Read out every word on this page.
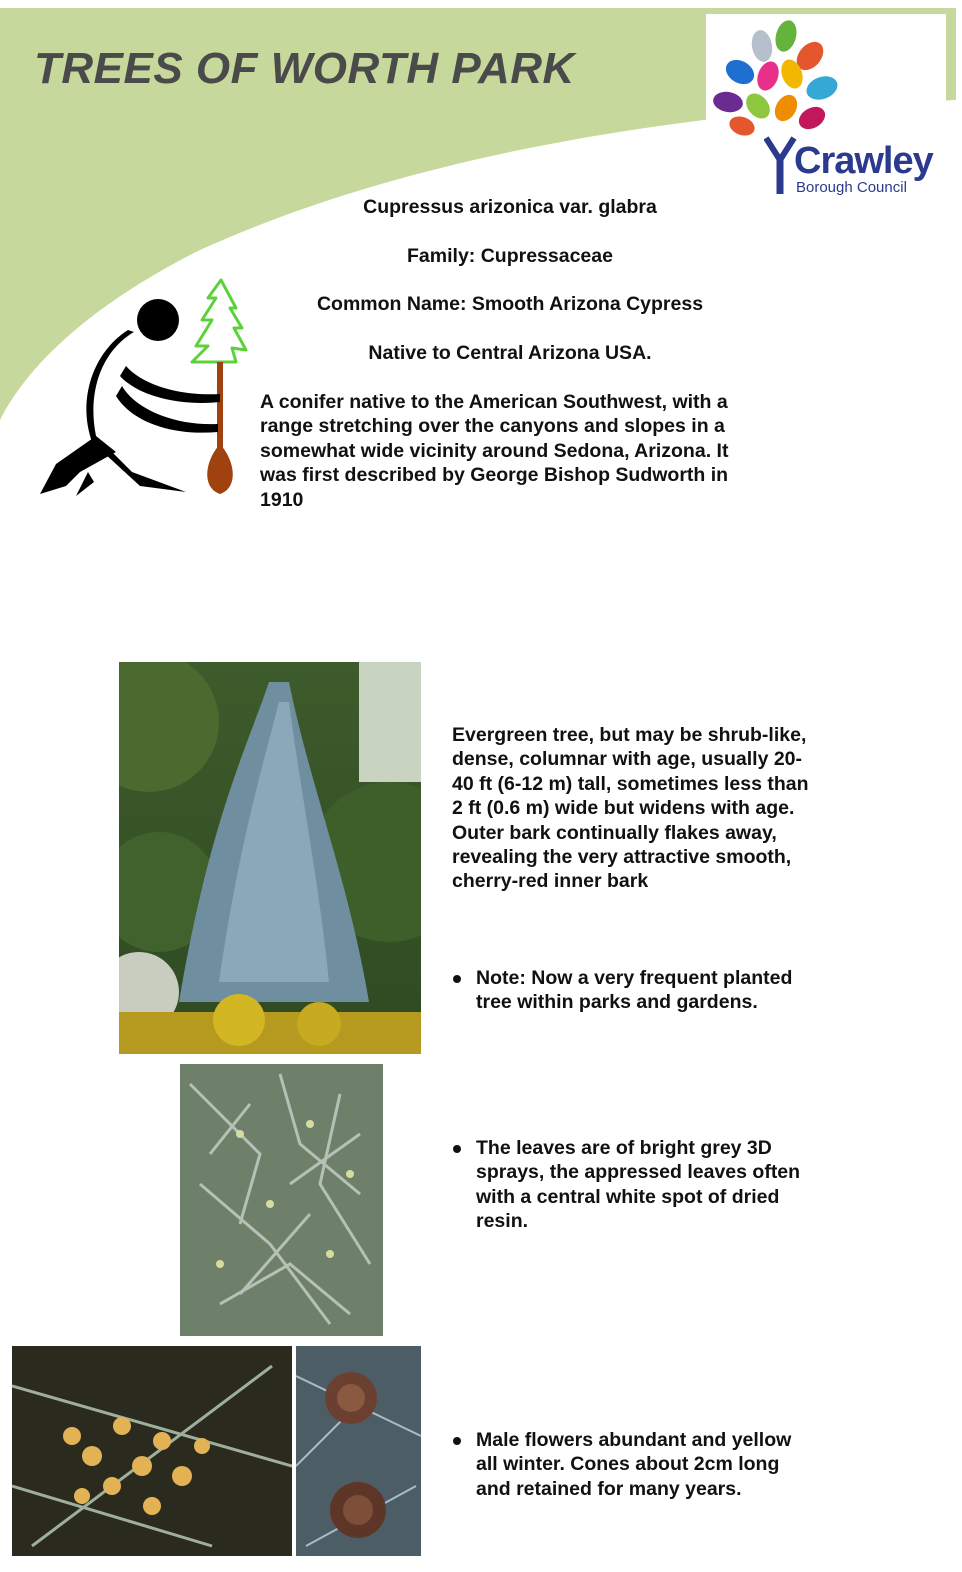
TREES OF WORTH PARK
Crawley
Borough Council
Cupressus arizonica var. glabra
Family: Cupressaceae
Common Name: Smooth Arizona Cypress
Native to Central Arizona USA.

A conifer native to the American Southwest, with a range stretching over the canyons and slopes in a somewhat wide vicinity around Sedona, Arizona. It was first described by George Bishop Sudworth in 1910

Evergreen tree, but may be shrub-like, dense, columnar with age, usually 20-40 ft (6-12 m) tall, sometimes less than 2 ft (0.6 m) wide but widens with age. Outer bark continually flakes away, revealing the very attractive smooth, cherry-red inner bark

Note: Now a very frequent planted tree within parks and gardens.
The leaves are of bright grey 3D sprays, the appressed leaves often with a central white spot of dried resin.
Male flowers abundant and yellow all winter. Cones about 2cm long and retained for many years.
